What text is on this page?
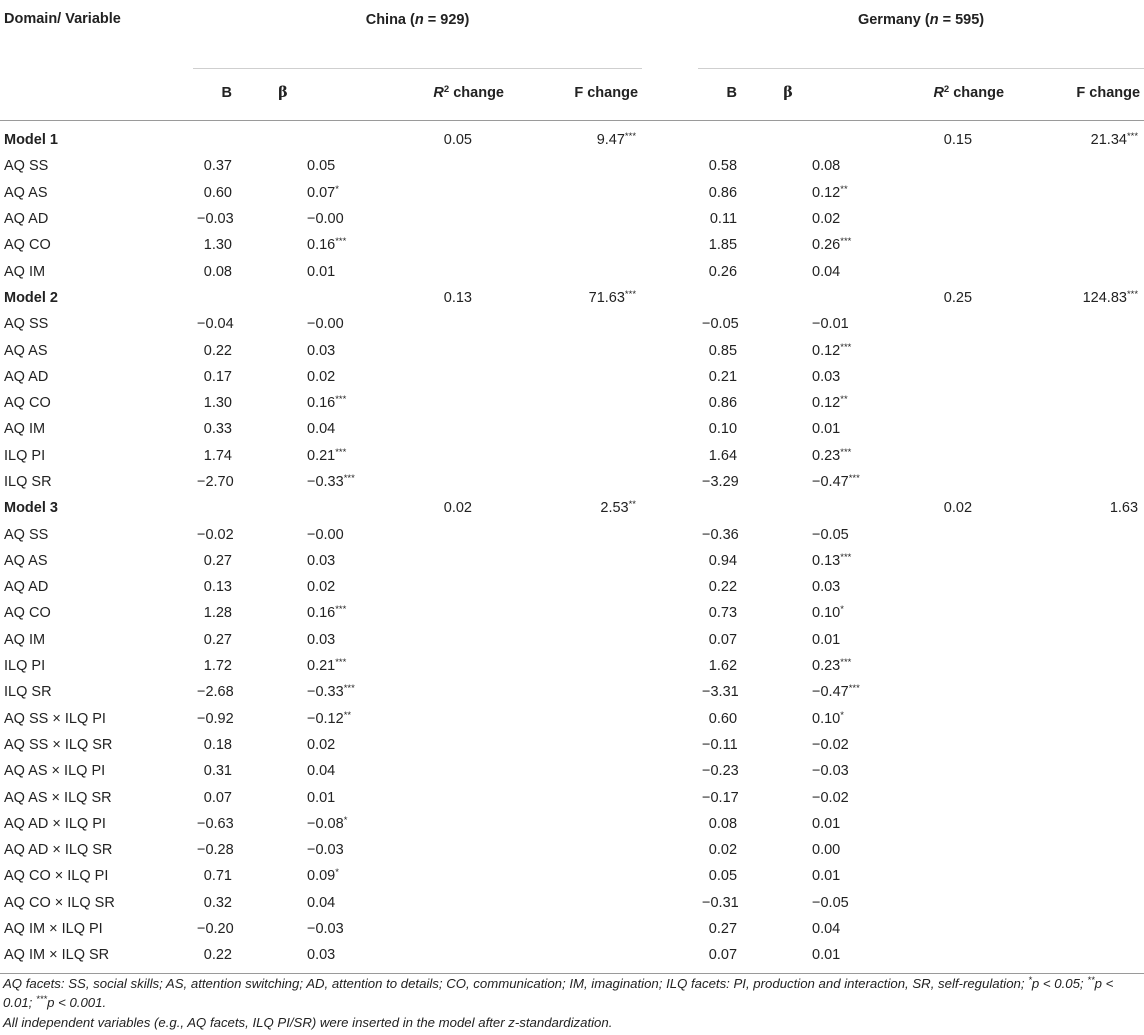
Domain/ Variable	China (n = 929)					Germany (n = 595)			
	B	β	$R^2$ change	F change		B	β	$R^2$ change	F change
Model 1			0.05	9.47***				0.15	21.34***
AQ SS	0.37	0.05				0.58	0.08		
AQ AS	0.60	0.07*				0.86	0.12**		
AQ AD	−0.03	−0.00				0.11	0.02		
AQ CO	1.30	0.16***				1.85	0.26***		
AQ IM	0.08	0.01				0.26	0.04		
Model 2			0.13	71.63***				0.25	124.83***
AQ SS	−0.04	−0.00				−0.05	−0.01		
AQ AS	0.22	0.03				0.85	0.12***		
AQ AD	0.17	0.02				0.21	0.03		
AQ CO	1.30	0.16***				0.86	0.12**		
AQ IM	0.33	0.04				0.10	0.01		
ILQ PI	1.74	0.21***				1.64	0.23***		
ILQ SR	−2.70	−0.33***				−3.29	−0.47***		
Model 3			0.02	2.53**				0.02	1.63
AQ SS	−0.02	−0.00				−0.36	−0.05		
AQ AS	0.27	0.03				0.94	0.13***		
AQ AD	0.13	0.02				0.22	0.03		
AQ CO	1.28	0.16***				0.73	0.10*		
AQ IM	0.27	0.03				0.07	0.01		
ILQ PI	1.72	0.21***				1.62	0.23***		
ILQ SR	−2.68	−0.33***				−3.31	−0.47***		
AQ SS × ILQ PI	−0.92	−0.12**				0.60	0.10*		
AQ SS × ILQ SR	0.18	0.02				−0.11	−0.02		
AQ AS × ILQ PI	0.31	0.04				−0.23	−0.03		
AQ AS × ILQ SR	0.07	0.01				−0.17	−0.02		
AQ AD × ILQ PI	−0.63	−0.08*				0.08	0.01		
AQ AD × ILQ SR	−0.28	−0.03				0.02	0.00		
AQ CO × ILQ PI	0.71	0.09*				0.05	0.01		
AQ CO × ILQ SR	0.32	0.04				−0.31	−0.05		
AQ IM × ILQ PI	−0.20	−0.03				0.27	0.04		
AQ IM × ILQ SR	0.22	0.03				0.07	0.01		
AQ facets: SS, social skills; AS, attention switching; AD, attention to details; CO, communication; IM, imagination; ILQ facets: PI, production and interaction, SR, self-regulation; *p < 0.05; **p < 0.01; ***p < 0.001.
All independent variables (e.g., AQ facets, ILQ PI/SR) were inserted in the model after z-standardization.
